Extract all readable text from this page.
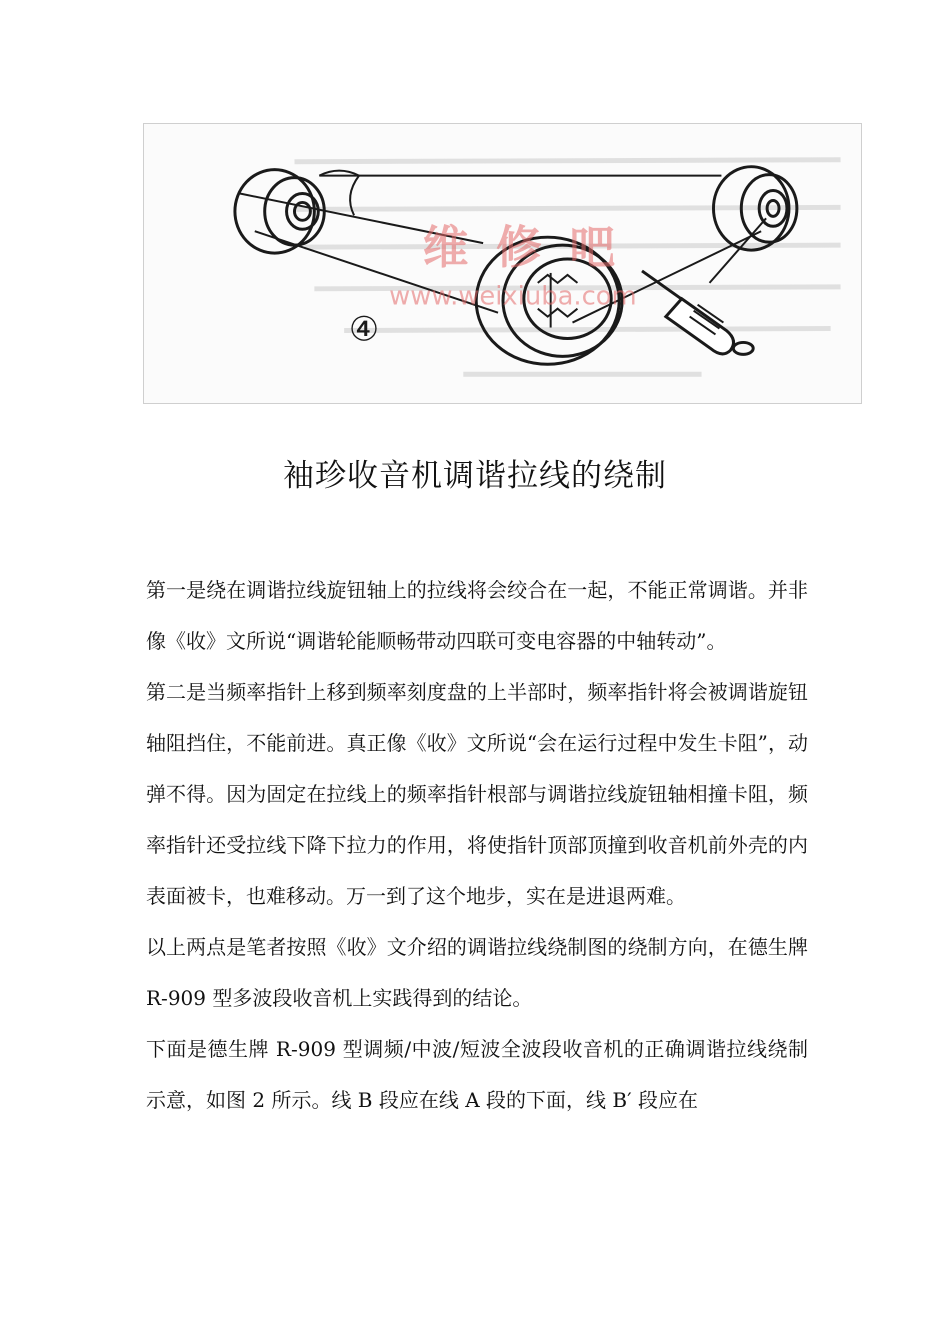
维修吧
www.weixiuba.com
④
袖珍收音机调谐拉线的绕制

第一是绕在调谐拉线旋钮轴上的拉线将会绞合在一起，不能正常调谐。并非像《收》文所说“调谐轮能顺畅带动四联可变电容器的中轴转动”。

第二是当频率指针上移到频率刻度盘的上半部时，频率指针将会被调谐旋钮轴阻挡住，不能前进。真正像《收》文所说“会在运行过程中发生卡阻”，动弹不得。因为固定在拉线上的频率指针根部与调谐拉线旋钮轴相撞卡阻，频率指针还受拉线下降下拉力的作用，将使指针顶部顶撞到收音机前外壳的内表面被卡，也难移动。万一到了这个地步，实在是进退两难。

以上两点是笔者按照《收》文介绍的调谐拉线绕制图的绕制方向，在德生牌 R-909 型多波段收音机上实践得到的结论。

下面是德生牌 R-909 型调频/中波/短波全波段收音机的正确调谐拉线绕制示意，如图 2 所示。线 B 段应在线 A 段的下面，线 B′ 段应在
